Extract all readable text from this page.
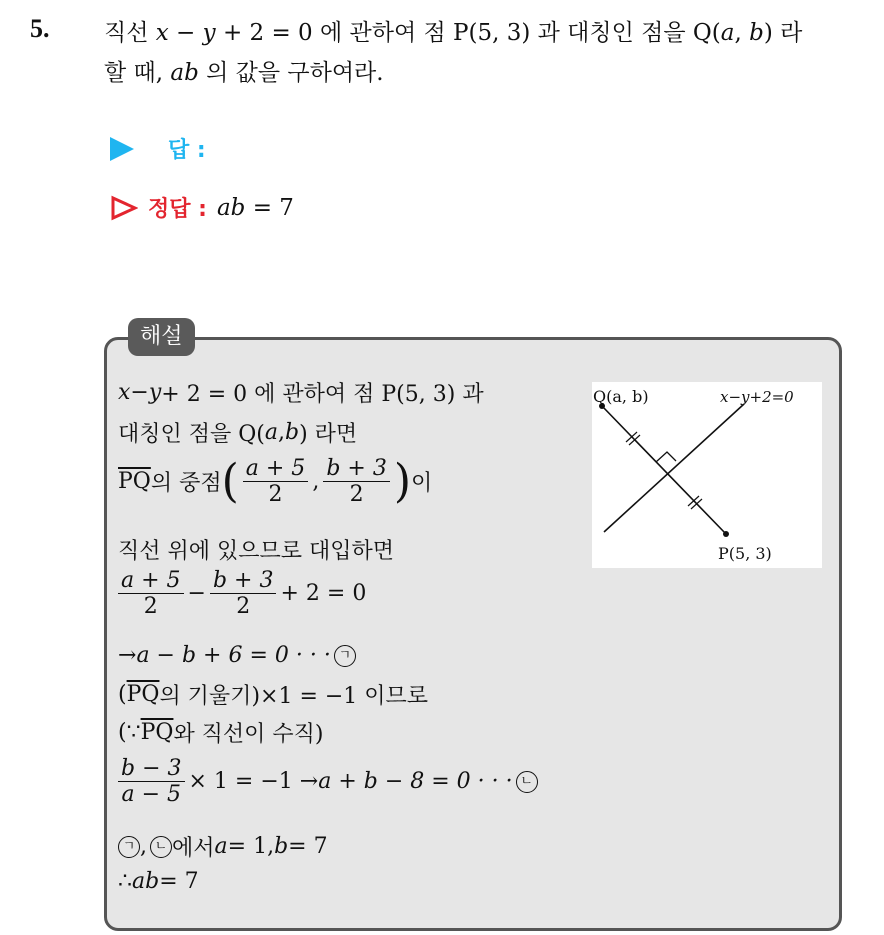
5. 직선 x − y + 2 = 0 에 관하여 점 P(5, 3) 과 대칭인 점을 Q(a, b) 라
할 때, ab 의 값을 구하여라.
답 :
정답 : ab = 7
해설
x − y + 2 = 0 에 관하여 점 P(5, 3) 과
대칭인 점을 Q( a , b ) 라면
$\overline{PQ}$ 의 중점 ( $\frac{a + 5}{2}$ , $\frac{b + 3}{2}$ ) 이
직선 위에 있으므로 대입하면
$\frac{a + 5}{2} - \frac{b + 3}{2} + 2 = 0$
→ a − b + 6 = 0 · · · ㄱ
( $\overline{PQ}$ 의 기울기)×1 = −1 이므로
(∵ $\overline{PQ}$ 와 직선이 수직)
$\frac{b - 3}{a - 5} \times 1 = -1 \to a + b - 8 = 0$ · · · ㄴ
ㄱ , ㄴ 에서 a = 1, b = 7
∴ ab = 7
Q(a, b)	x−y+2=0
P(5, 3)
